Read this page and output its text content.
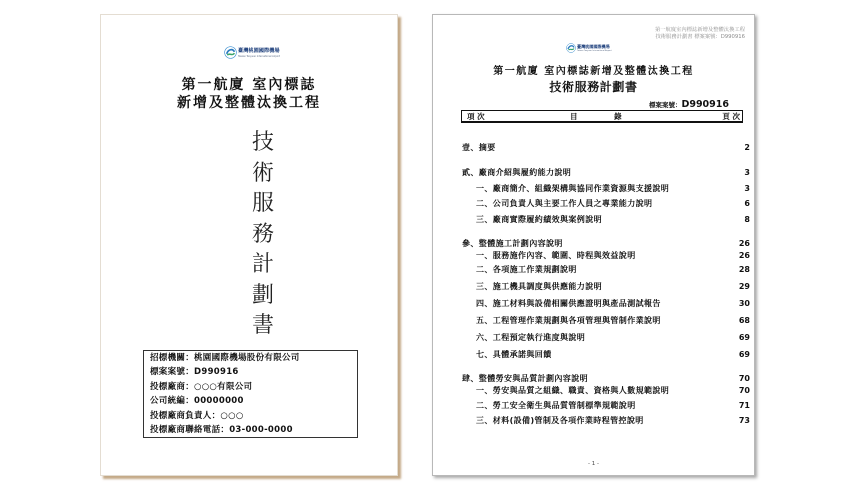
臺灣桃園國際機場
Taiwan Taoyuan International Airport
第一航廈 室內標誌
新增及整體汰換工程
技
術
服
務
計
劃
書
招標機關：桃園國際機場股份有限公司
標案案號：D990916
投標廠商：○○○有限公司
公司統編：00000000
投標廠商負責人：○○○
投標廠商聯絡電話：03-000-0000
第一航廈室內標誌新增及整體汰換工程
技術服務計劃書 標案案號：D990916
臺灣桃園國際機場
Taiwan Taoyuan International Airport
第一航廈 室內標誌新增及整體汰換工程
技術服務計劃書
標案案號：D990916
項 次	目 錄	頁 次
壹、摘要	2
貳、廠商介紹與履約能力說明	3
一、廠商簡介、組織架構與協同作業資源與支援說明	3
二、公司負責人與主要工作人員之專業能力說明	6
三、廠商實際履約績效與案例說明	8
參、整體施工計劃內容說明	26
一、服務施作內容、範圍、時程與效益說明	26
二、各項施工作業規劃說明	28
三、施工機具調度與供應能力說明	29
四、施工材料與設備相關供應證明與產品測試報告	30
五、工程管理作業規劃與各項管理與管制作業說明	68
六、工程預定執行進度與說明	69
七、具體承諾與回饋	69
肆、整體勞安與品質計劃內容說明	70
一、勞安與品質之組織、職責、資格與人數規範說明	70
二、勞工安全衛生與品質管制標準規範說明	71
三、材料(設備)管制及各項作業時程管控說明	73
- 1 -
